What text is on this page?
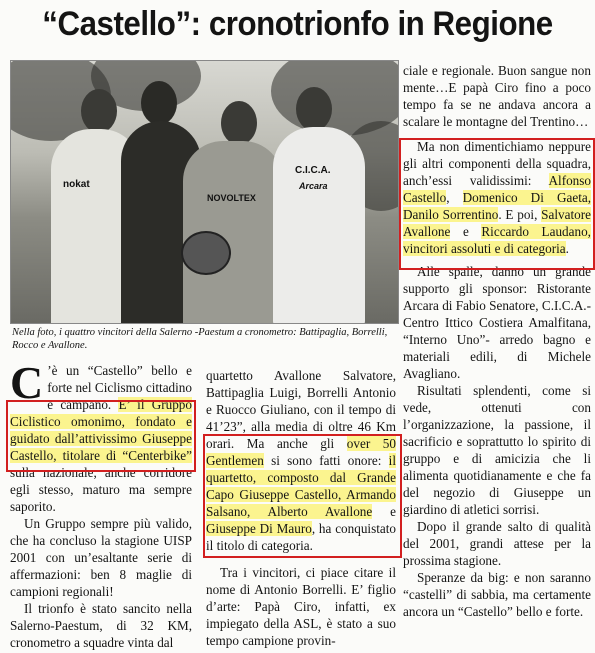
“Castello”: cronotrionfo in Regione
nokat
NOVOLTEX
C.I.C.A.
Arcara
Nella foto, i quattro vincitori della Salerno -Paestum a cronometro: Battipaglia, Borrelli, Rocco e Avallone.

C ’è un “Castello” bello e forte nel Ciclismo cittadino e campano. E’ il Gruppo Ciclistico omonimo, fondato e guidato dall’attivissimo Giuseppe Castello, titolare di “Centerbike” sulla nazionale, anche corridore egli stesso, maturo ma sempre saporito.

Un Gruppo sempre più valido, che ha concluso la stagione UISP 2001 con un’esaltante serie di affermazioni: ben 8 maglie di campioni regionali!

Il trionfo è stato sancito nella Salerno-Paestum, di 32 KM, cronometro a squadre vinta dal

quartetto Avallone Salvatore, Battipaglia Luigi, Borrelli Antonio e Ruocco Giuliano, con il tempo di 41’23”, alla media di oltre 46 Km orari. Ma anche gli over 50 Gentlemen si sono fatti onore: il quartetto, composto dal Grande Capo Giuseppe Castello, Armando Salsano, Alberto Avallone e Giuseppe Di Mauro, ha conquistato il titolo di categoria.

Tra i vincitori, ci piace citare il nome di Antonio Borrelli. E’ figlio d’arte: Papà Ciro, infatti, ex impiegato della ASL, è stato a suo tempo campione provin-

ciale e regionale. Buon sangue non mente…E papà Ciro fino a poco tempo fa se ne andava ancora a scalare le montagne del Trentino…

Ma non dimentichiamo neppure gli altri componenti della squadra, anch’essi validissimi: Alfonso Castello, Domenico Di Gaeta, Danilo Sorrentino. E poi, Salvatore Avallone e Riccardo Laudano, vincitori assoluti e di categoria.

Alle spalle, danno un grande supporto gli sponsor: Ristorante Arcara di Fabio Senatore, C.I.C.A.-Centro Ittico Costiera Amalfitana, “Interno Uno”- arredo bagno e materiali edili, di Michele Avagliano.

Risultati splendenti, come si vede, ottenuti con l’organizzazione, la passione, il sacrificio e soprattutto lo spirito di gruppo e di amicizia che li alimenta quotidianamente e che fa del negozio di Giuseppe un giardino di atletici sorrisi.

Dopo il grande salto di qualità del 2001, grandi attese per la prossima stagione.

Speranze da big: e non saranno “castelli” di sabbia, ma certamente ancora un “Castello” bello e forte.
